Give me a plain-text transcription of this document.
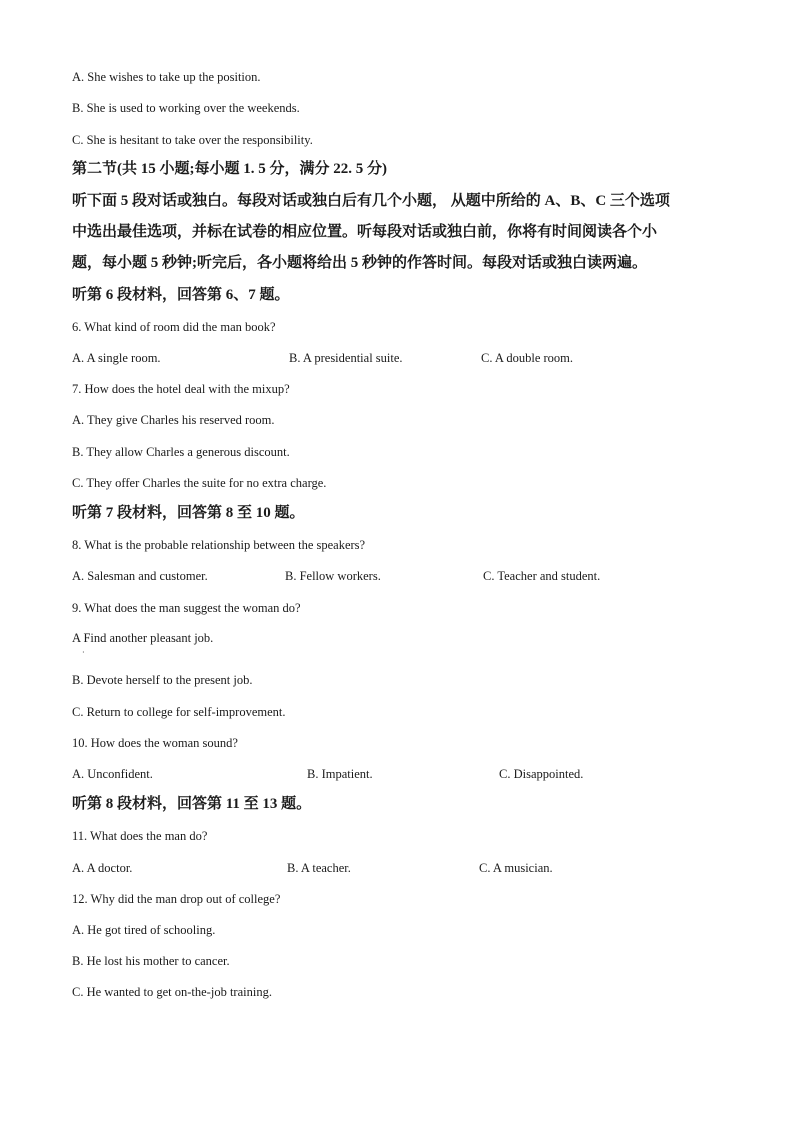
A. She wishes to take up the position.
B. She is used to working over the weekends.
C. She is hesitant to take over the responsibility.
第二节(共 15 小题;每小题 1. 5 分，满分 22. 5 分)
听下面 5 段对话或独白。每段对话或独白后有几个小题， 从题中所给的 A、B、C 三个选项
中选出最佳选项，并标在试卷的相应位置。听每段对话或独白前，你将有时间阅读各个小
题，每小题 5 秒钟;听完后，各小题将给出 5 秒钟的作答时间。每段对话或独白读两遍。
听第 6 段材料，回答第 6、7 题。
6. What kind of room did the man book?
A. A single room.	B. A presidential suite.	C. A double room.
7. How does the hotel deal with the mixup?
A. They give Charles his reserved room.
B. They allow Charles a generous discount.
C. They offer Charles the suite for no extra charge.
听第 7 段材料，回答第 8 至 10 题。
8. What is the probable relationship between the speakers?
A. Salesman and customer.	B. Fellow workers.	C. Teacher and student.
9. What does the man suggest the woman do?
A Find another pleasant job.
·
B. Devote herself to the present job.
C. Return to college for self-improvement.
10. How does the woman sound?
A. Unconfident.	B. Impatient.	C. Disappointed.
听第 8 段材料，回答第 11 至 13 题。
11. What does the man do?
A. A doctor.	B. A teacher.	C. A musician.
12. Why did the man drop out of college?
A. He got tired of schooling.
B. He lost his mother to cancer.
C. He wanted to get on-the-job training.
